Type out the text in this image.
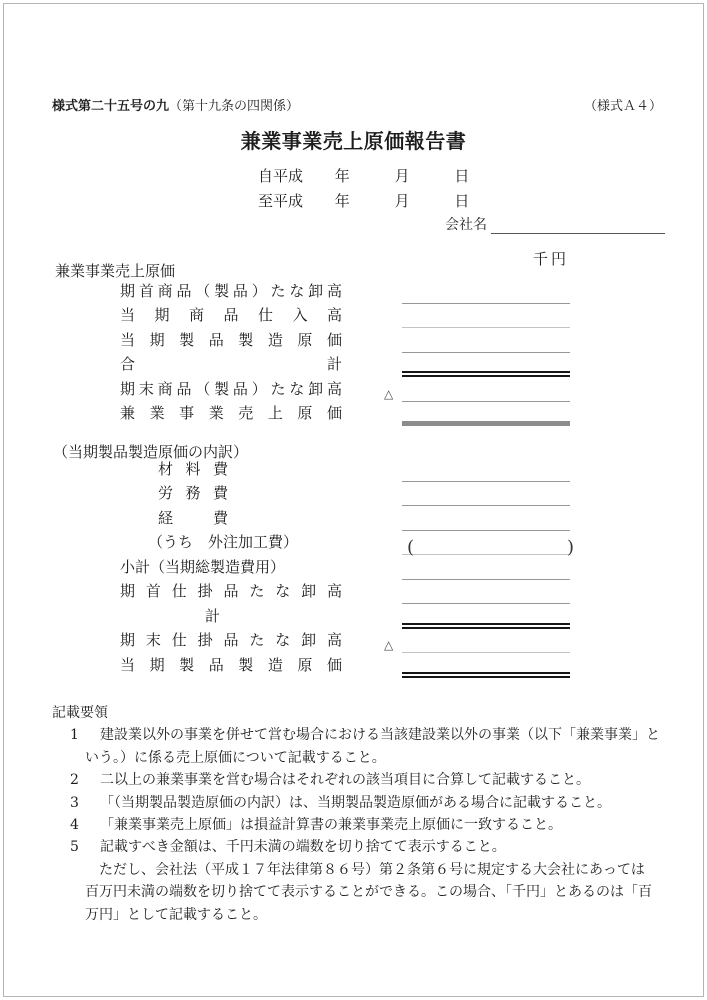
様式第二十五号の九（第十九条の四関係）	（様式Ａ４）
兼業事業売上原価報告書
自平成 年	月	日
至平成 年	月	日
会社名
千円
兼業事業売上原価
期首商品（製品）たな卸高
当期商品仕入高
当期製品製造原価
合計
期末商品（製品）たな卸高	△
兼業事業売上原価
（当期製品製造原価の内訳）
材料費
労務費
経費
（うち　外注加工費）	(	)
小計（当期総製造費用）
期首仕掛品たな卸高
計
期末仕掛品たな卸高	△
当期製品製造原価
記載要領
1 建設業以外の事業を併せて営む場合における当該建設業以外の事業（以下「兼業事業」と
いう。）に係る売上原価について記載すること。
2 二以上の兼業事業を営む場合はそれぞれの該当項目に合算して記載すること。
3 「（当期製品製造原価の内訳）は、当期製品製造原価がある場合に記載すること。
4 「兼業事業売上原価」は損益計算書の兼業事業売上原価に一致すること。
5 記載すべき金額は、千円未満の端数を切り捨てて表示すること。
　ただし、会社法（平成１７年法律第８６号）第２条第６号に規定する大会社にあっては
百万円未満の端数を切り捨てて表示することができる。この場合、「千円」とあるのは「百
万円」として記載すること。
